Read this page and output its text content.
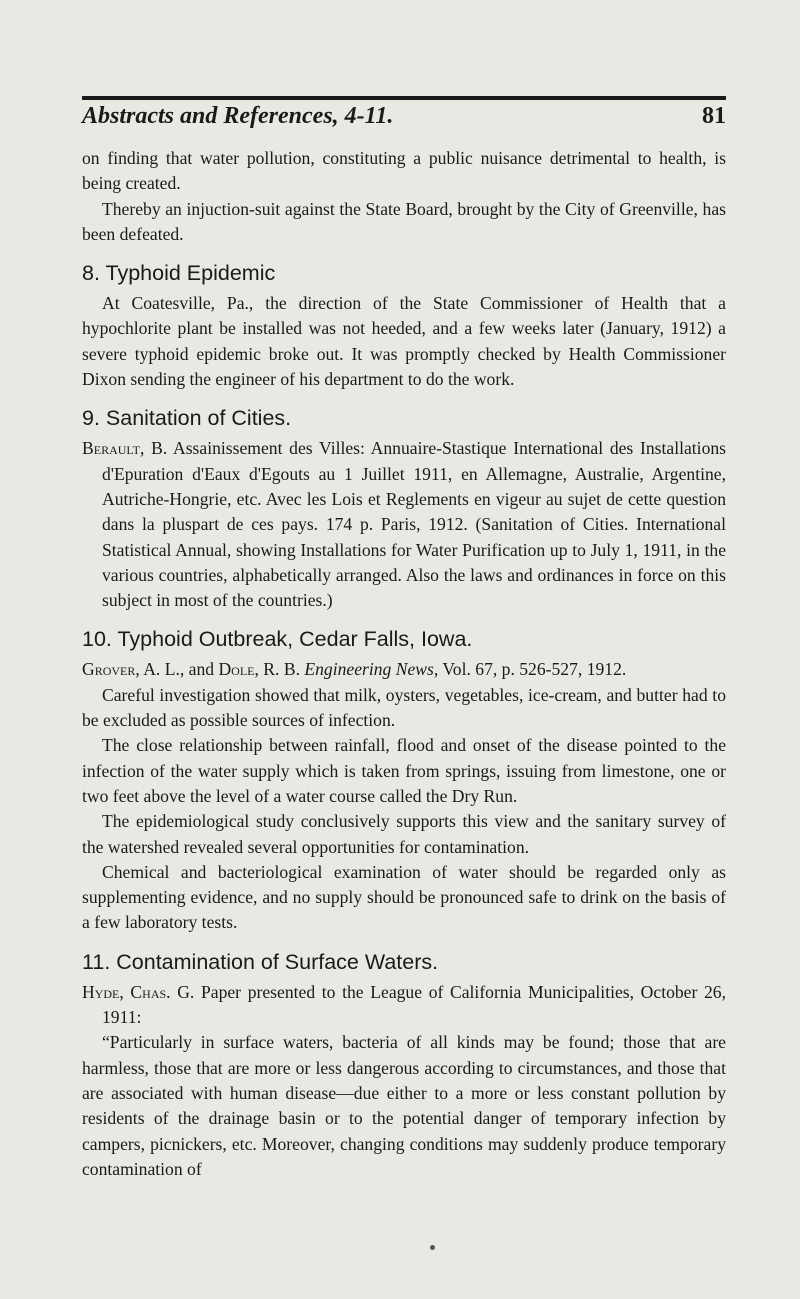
Abstracts and References, 4-11.	81

on finding that water pollution, constituting a public nuisance detrimental to health, is being created.

Thereby an injuction-suit against the State Board, brought by the City of Greenville, has been defeated.

8. Typhoid Epidemic

At Coatesville, Pa., the direction of the State Commissioner of Health that a hypochlorite plant be installed was not heeded, and a few weeks later (January, 1912) a severe typhoid epidemic broke out. It was promptly checked by Health Commissioner Dixon sending the engineer of his department to do the work.

9. Sanitation of Cities.

Berault, B. Assainissement des Villes: Annuaire-Stastique International des Installations d'Epuration d'Eaux d'Egouts au 1 Juillet 1911, en Allemagne, Australie, Argentine, Autriche-Hongrie, etc. Avec les Lois et Reglements en vigeur au sujet de cette question dans la pluspart de ces pays. 174 p. Paris, 1912. (Sanitation of Cities. International Statistical Annual, showing Installations for Water Purification up to July 1, 1911, in the various countries, alphabetically arranged. Also the laws and ordinances in force on this subject in most of the countries.)

10. Typhoid Outbreak, Cedar Falls, Iowa.

Grover, A. L., and Dole, R. B. Engineering News, Vol. 67, p. 526-527, 1912.

Careful investigation showed that milk, oysters, vegetables, ice-cream, and butter had to be excluded as possible sources of infection.

The close relationship between rainfall, flood and onset of the disease pointed to the infection of the water supply which is taken from springs, issuing from limestone, one or two feet above the level of a water course called the Dry Run.

The epidemiological study conclusively supports this view and the sanitary survey of the watershed revealed several opportunities for contamination.

Chemical and bacteriological examination of water should be regarded only as supplementing evidence, and no supply should be pronounced safe to drink on the basis of a few laboratory tests.

11. Contamination of Surface Waters.

Hyde, Chas. G. Paper presented to the League of California Municipalities, October 26, 1911:

“Particularly in surface waters, bacteria of all kinds may be found; those that are harmless, those that are more or less dangerous according to circumstances, and those that are associated with human disease—due either to a more or less constant pollution by residents of the drainage basin or to the potential danger of temporary infection by campers, picnickers, etc. Moreover, changing conditions may suddenly produce temporary contamination of
